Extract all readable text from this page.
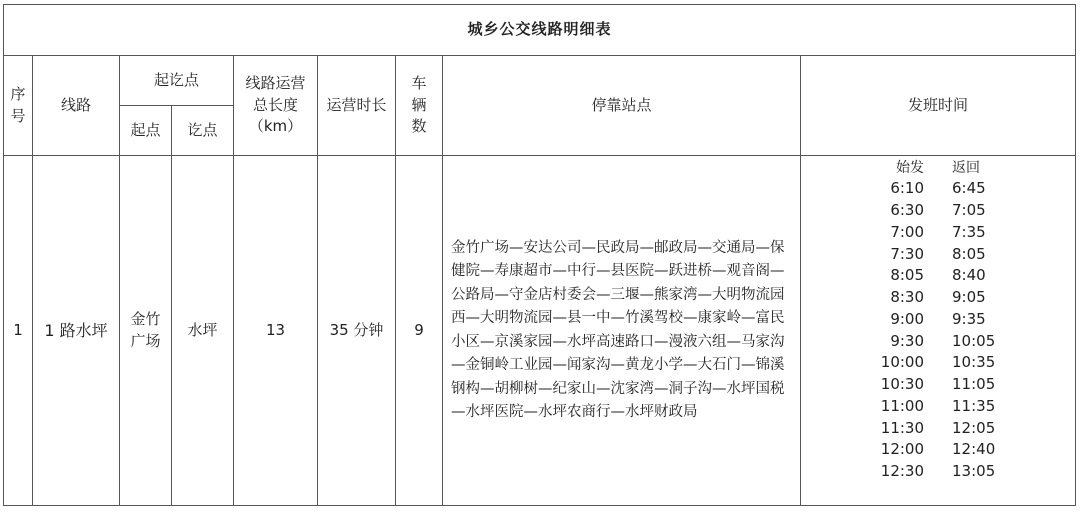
城乡公交线路明细表
序号	线路	起讫点	线路运营总长度（km）	运营时长	车辆数	停靠站点	发班时间
起点	讫点
1	1 路水坪	金竹广场	水坪	13	35 分钟	9	金竹广场—安达公司—民政局—邮政局—交通局—保健院—寿康超市—中行—县医院—跃进桥—观音阁—公路局—守金店村委会—三堰—熊家湾—大明物流园西—大明物流园—县一中—竹溪驾校—康家岭—富民小区—京溪家园—水坪高速路口—漫液六组—马家沟—金铜岭工业园—闻家沟—黄龙小学—大石门—锦溪钢构—胡柳树—纪家山—沈家湾—洞子沟—水坪国税—水坪医院—水坪农商行—水坪财政局	
始发	返回
6:10	6:45
6:30	7:05
7:00	7:35
7:30	8:05
8:05	8:40
8:30	9:05
9:00	9:35
9:30	10:05
10:00	10:35
10:30	11:05
11:00	11:35
11:30	12:05
12:00	12:40
12:30	13:05
